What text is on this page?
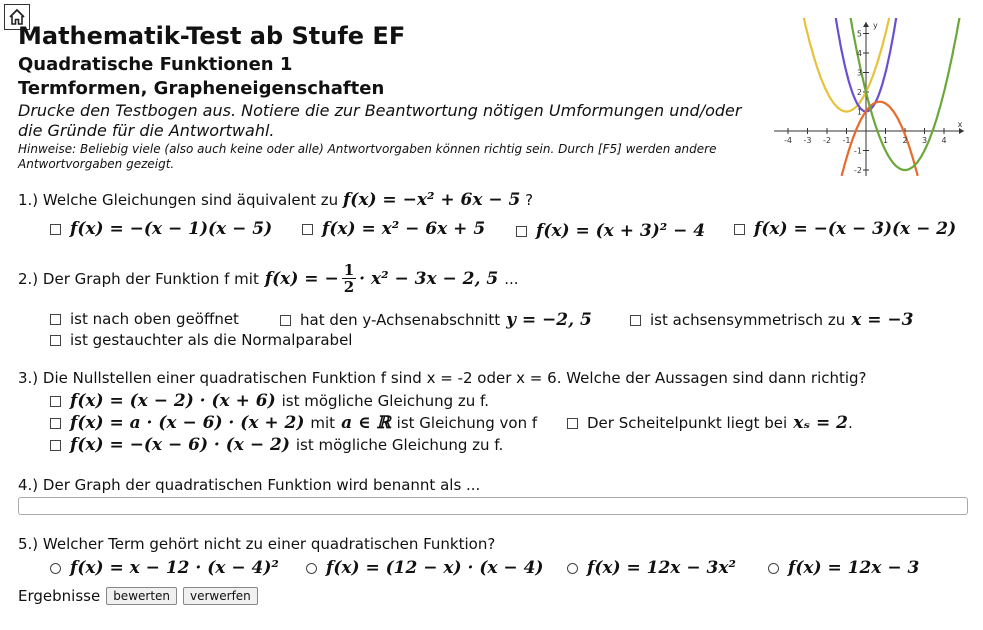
Mathematik-Test ab Stufe EF
Quadratische Funktionen 1
Termformen, Grapheneigenschaften
Drucke den Testbogen aus. Notiere die zur Beantwortung nötigen Umformungen und/oder die Gründe für die Antwortwahl.
Hinweise: Beliebig viele (also auch keine oder alle) Antwortvorgaben können richtig sein. Durch [F5] werden andere Antwortvorgaben gezeigt.
-4 -3 -2 -1	1 2 3 4
5
4
3
2
1
-1
-2
x
y
1.) Welche Gleichungen sind äquivalent zu f(x) = −x² + 6x − 5 ?
f(x) = −(x − 1)(x − 5)	f(x) = x² − 6x + 5	f(x) = (x + 3)² − 4	f(x) = −(x − 3)(x − 2)
2.) Der Graph der Funktion f mit f(x) = − $\frac{1}{2} \cdot x^2 - 3x - 2$, 5 ...
ist nach oben geöffnet	hat den y-Achsenabschnitt y = −2, 5	ist achsensymmetrisch zu x = −3
ist gestauchter als die Normalparabel
3.) Die Nullstellen einer quadratischen Funktion f sind x = -2 oder x = 6. Welche der Aussagen sind dann richtig?
f(x) = (x − 2) · (x + 6) ist mögliche Gleichung zu f.
f(x) = a · (x − 6) · (x + 2) mit a ∈ ℝ ist Gleichung von f	Der Scheitelpunkt liegt bei xₛ = 2 .
f(x) = −(x − 6) · (x − 2) ist mögliche Gleichung zu f.
4.) Der Graph der quadratischen Funktion wird benannt als ...
5.) Welcher Term gehört nicht zu einer quadratischen Funktion?
f(x) = x − 12 · (x − 4)²	f(x) = (12 − x) · (x − 4)	f(x) = 12x − 3x²	f(x) = 12x − 3
Ergebnisse	bewerten	verwerfen
